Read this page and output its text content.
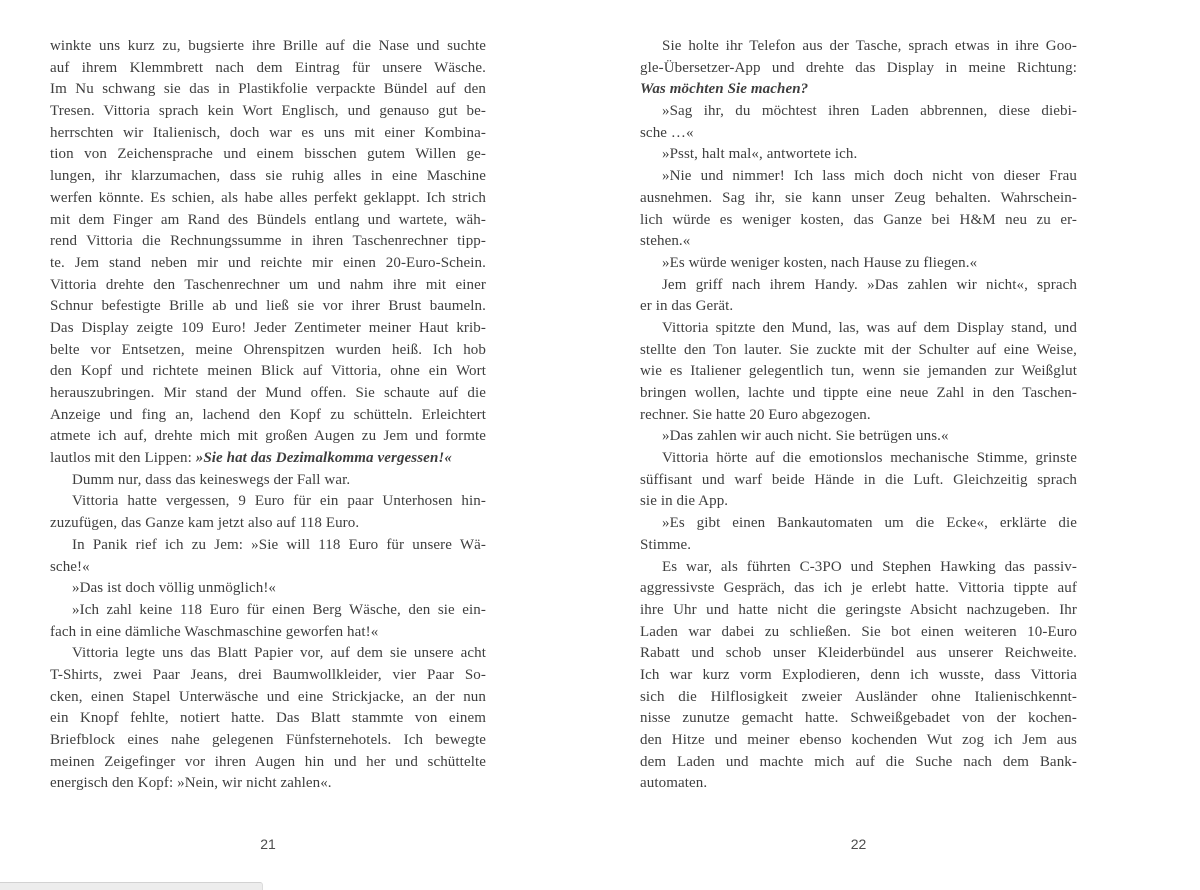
winkte uns kurz zu, bugsierte ihre Brille auf die Nase und suchte
auf ihrem Klemmbrett nach dem Eintrag für unsere Wäsche.
Im Nu schwang sie das in Plastikfolie verpackte Bündel auf den
Tresen. Vittoria sprach kein Wort Englisch, und genauso gut be-
herrschten wir Italienisch, doch war es uns mit einer Kombina-
tion von Zeichensprache und einem bisschen gutem Willen ge-
lungen, ihr klarzumachen, dass sie ruhig alles in eine Maschine
werfen könnte. Es schien, als habe alles perfekt geklappt. Ich strich
mit dem Finger am Rand des Bündels entlang und wartete, wäh-
rend Vittoria die Rechnungssumme in ihren Taschenrechner tipp-
te. Jem stand neben mir und reichte mir einen 20-Euro-Schein.
Vittoria drehte den Taschenrechner um und nahm ihre mit einer
Schnur befestigte Brille ab und ließ sie vor ihrer Brust baumeln.
Das Display zeigte 109 Euro! Jeder Zentimeter meiner Haut krib-
belte vor Entsetzen, meine Ohrenspitzen wurden heiß. Ich hob
den Kopf und richtete meinen Blick auf Vittoria, ohne ein Wort
herauszubringen. Mir stand der Mund offen. Sie schaute auf die
Anzeige und fing an, lachend den Kopf zu schütteln. Erleichtert
atmete ich auf, drehte mich mit großen Augen zu Jem und formte
lautlos mit den Lippen: »Sie hat das Dezimalkomma vergessen!«
Dumm nur, dass das keineswegs der Fall war.
Vittoria hatte vergessen, 9 Euro für ein paar Unterhosen hin-
zuzufügen, das Ganze kam jetzt also auf 118 Euro.
In Panik rief ich zu Jem: »Sie will 118 Euro für unsere Wä-
sche!«
»Das ist doch völlig unmöglich!«
»Ich zahl keine 118 Euro für einen Berg Wäsche, den sie ein-
fach in eine dämliche Waschmaschine geworfen hat!«
Vittoria legte uns das Blatt Papier vor, auf dem sie unsere acht
T-Shirts, zwei Paar Jeans, drei Baumwollkleider, vier Paar So-
cken, einen Stapel Unterwäsche und eine Strickjacke, an der nun
ein Knopf fehlte, notiert hatte. Das Blatt stammte von einem
Briefblock eines nahe gelegenen Fünfsternehotels. Ich bewegte
meinen Zeigefinger vor ihren Augen hin und her und schüttelte
energisch den Kopf: »Nein, wir nicht zahlen«.
21
Sie holte ihr Telefon aus der Tasche, sprach etwas in ihre Goo-
gle-Übersetzer-App und drehte das Display in meine Richtung:
Was möchten Sie machen?
»Sag ihr, du möchtest ihren Laden abbrennen, diese diebi-
sche …«
»Psst, halt mal«, antwortete ich.
»Nie und nimmer! Ich lass mich doch nicht von dieser Frau
ausnehmen. Sag ihr, sie kann unser Zeug behalten. Wahrschein-
lich würde es weniger kosten, das Ganze bei H&M neu zu er-
stehen.«
»Es würde weniger kosten, nach Hause zu fliegen.«
Jem griff nach ihrem Handy. »Das zahlen wir nicht«, sprach
er in das Gerät.
Vittoria spitzte den Mund, las, was auf dem Display stand, und
stellte den Ton lauter. Sie zuckte mit der Schulter auf eine Weise,
wie es Italiener gelegentlich tun, wenn sie jemanden zur Weißglut
bringen wollen, lachte und tippte eine neue Zahl in den Taschen-
rechner. Sie hatte 20 Euro abgezogen.
»Das zahlen wir auch nicht. Sie betrügen uns.«
Vittoria hörte auf die emotionslos mechanische Stimme, grinste
süffisant und warf beide Hände in die Luft. Gleichzeitig sprach
sie in die App.
»Es gibt einen Bankautomaten um die Ecke«, erklärte die
Stimme.
Es war, als führten C-3PO und Stephen Hawking das passiv-
aggressivste Gespräch, das ich je erlebt hatte. Vittoria tippte auf
ihre Uhr und hatte nicht die geringste Absicht nachzugeben. Ihr
Laden war dabei zu schließen. Sie bot einen weiteren 10-Euro
Rabatt und schob unser Kleiderbündel aus unserer Reichweite.
Ich war kurz vorm Explodieren, denn ich wusste, dass Vittoria
sich die Hilflosigkeit zweier Ausländer ohne Italienischkennt-
nisse zunutze gemacht hatte. Schweißgebadet von der kochen-
den Hitze und meiner ebenso kochenden Wut zog ich Jem aus
dem Laden und machte mich auf die Suche nach dem Bank-
automaten.
22
